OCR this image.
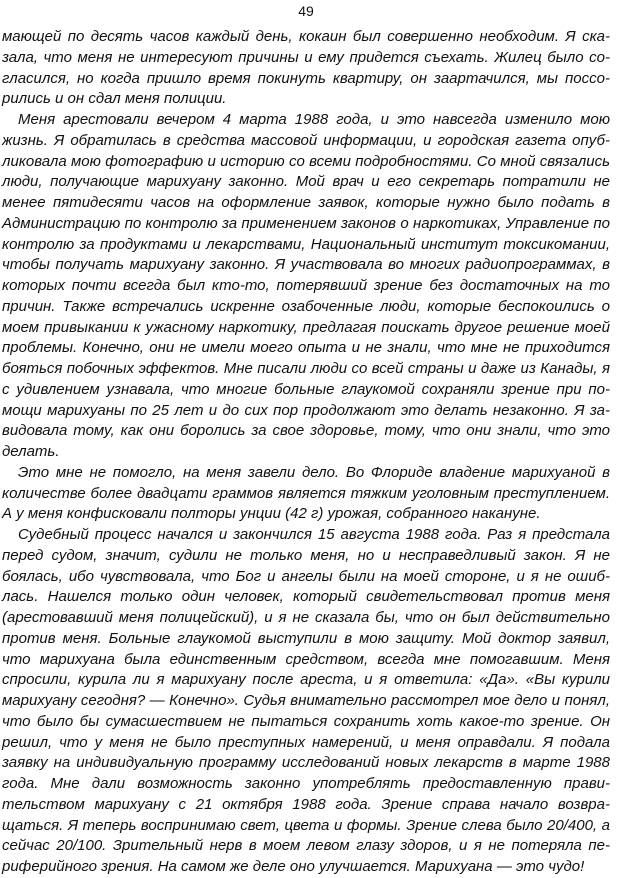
49

мающей по десять часов каждый день, кокаин был совершенно необходим. Я сказала, что меня не интересуют причины и ему придется съехать. Жилец было согласился, но когда пришло время покинуть квартиру, он заартачился, мы поссорились и он сдал меня полиции.

Меня арестовали вечером 4 марта 1988 года, и это навсегда изменило мою жизнь. Я обратилась в средства массовой информации, и городская газета опубликовала мою фотографию и историю со всеми подробностями. Со мной связались люди, получающие марихуану законно. Мой врач и его секретарь потратили не менее пятидесяти часов на оформление заявок, которые нужно было подать в Администрацию по контролю за применением законов о наркотиках, Управление по контролю за продуктами и лекарствами, Национальный институт токсикомании, чтобы получать марихуану законно. Я участвовала во многих радиопрограммах, в которых почти всегда был кто-то, потерявший зрение без достаточных на то причин. Также встречались искренне озабоченные люди, которые беспокоились о моем привыкании к ужасному наркотику, предлагая поискать другое решение моей проблемы. Конечно, они не имели моего опыта и не знали, что мне не приходится бояться побочных эффектов. Мне писали люди со всей страны и даже из Канады, я с удивлением узнавала, что многие больные глаукомой сохраняли зрение при помощи марихуаны по 25 лет и до сих пор продолжают это делать незаконно. Я завидовала тому, как они боролись за свое здоровье, тому, что они знали, что это делать.

Это мне не помогло, на меня завели дело. Во Флориде владение марихуаной в количестве более двадцати граммов является тяжким уголовным преступлением. А у меня конфисковали полторы унции (42 г) урожая, собранного накануне.

Судебный процесс начался и закончился 15 августа 1988 года. Раз я предстала перед судом, значит, судили не только меня, но и несправедливый закон. Я не боялась, ибо чувствовала, что Бог и ангелы были на моей стороне, и я не ошиблась. Нашелся только один человек, который свидетельствовал против меня (арестовавший меня полицейский), и я не сказала бы, что он был действительно против меня. Больные глаукомой выступили в мою защиту. Мой доктор заявил, что марихуана была единственным средством, всегда мне помогавшим. Меня спросили, курила ли я марихуану после ареста, и я ответила: «Да». «Вы курили марихуану сегодня? — Конечно». Судья внимательно рассмотрел мое дело и понял, что было бы сумасшествием не пытаться сохранить хоть какое-то зрение. Он решил, что у меня не было преступных намерений, и меня оправдали. Я подала заявку на индивидуальную программу исследований новых лекарств в марте 1988 года. Мне дали возможность законно употреблять предоставленную правительством марихуану с 21 октября 1988 года. Зрение справа начало возвращаться. Я теперь воспринимаю свет, цвета и формы. Зрение слева было 20/400, а сейчас 20/100. Зрительный нерв в моем левом глазу здоров, и я не потеряла периферийного зрения. На самом же деле оно улучшается. Марихуана — это чудо!
